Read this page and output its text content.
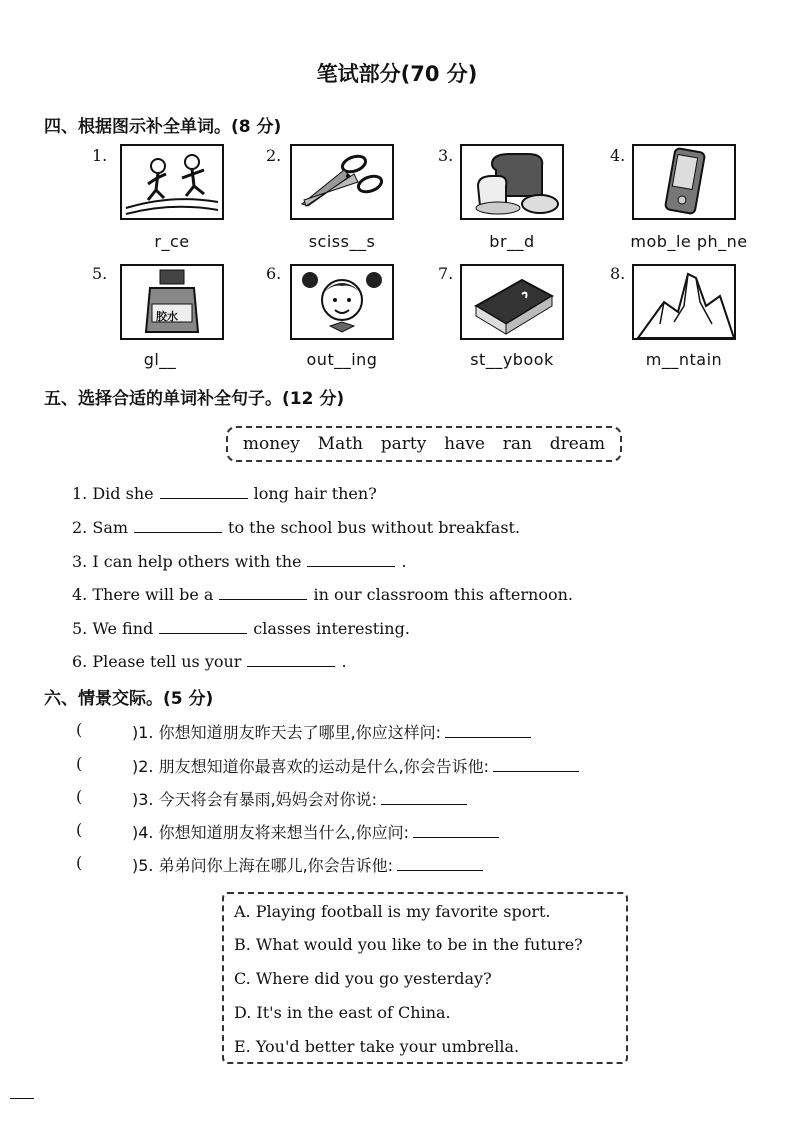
笔试部分(70 分)
四、根据图示补全单词。(8 分)
1.
r_ce
2.
sciss__s
3.
br__d
4.
mob_le ph_ne
5.
胶水
gl__
6.
out__ing
7.
st__ybook
8.
m__ntain
五、选择合适的单词补全句子。(12 分)
money Math party have ran dream
1. Did she	long hair then?
2. Sam	to the school bus without breakfast.
3. I can help others with the	.
4. There will be a	in our classroom this afternoon.
5. We find	classes interesting.
6. Please tell us your	.
六、情景交际。(5 分)
(	)1. 你想知道朋友昨天去了哪里,你应这样问:
(	)2. 朋友想知道你最喜欢的运动是什么,你会告诉他:
(	)3. 今天将会有暴雨,妈妈会对你说:
(	)4. 你想知道朋友将来想当什么,你应问:
(	)5. 弟弟问你上海在哪儿,你会告诉他:
A. Playing football is my favorite sport.
B. What would you like to be in the future?
C. Where did you go yesterday?
D. It's in the east of China.
E. You'd better take your umbrella.
